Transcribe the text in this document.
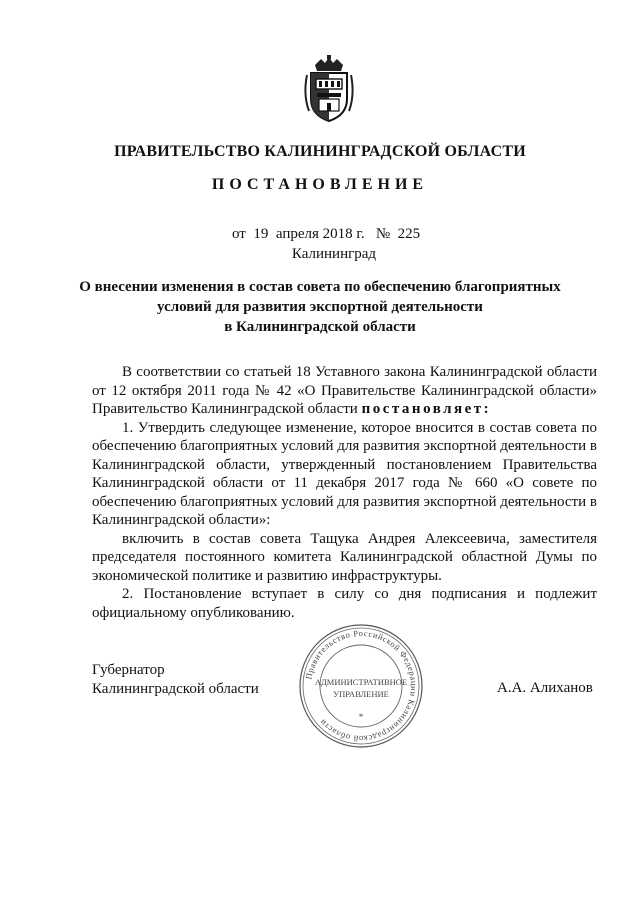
ПРАВИТЕЛЬСТВО КАЛИНИНГРАДСКОЙ ОБЛАСТИ
ПОСТАНОВЛЕНИЕ
от 19 апреля 2018 г. № 225
Калининград
О внесении изменения в состав совета по обеспечению благоприятных
условий для развития экспортной деятельности
в Калининградской области

В соответствии со статьей 18 Уставного закона Калининградской области от 12 октября 2011 года № 42 «О Правительстве Калининградской области» Правительство Калининградской области постановляет:

1. Утвердить следующее изменение, которое вносится в состав совета по обеспечению благоприятных условий для развития экспортной деятельности в Калининградской области, утвержденный постановлением Правительства Калининградской области от 11 декабря 2017 года № 660 «О совете по обеспечению благоприятных условий для развития экспортной деятельности в Калининградской области»:

включить в состав совета Тащука Андрея Алексеевича, заместителя председателя постоянного комитета Калининградской областной Думы по экономической политике и развитию инфраструктуры.

2. Постановление вступает в силу со дня подписания и подлежит официальному опубликованию.

Губернатор
Калининградской области	А.А. Алиханов
Правительство Российской Федерации Калининградской области
АДМИНИСТРАТИВНОЕ
УПРАВЛЕНИЕ
*
